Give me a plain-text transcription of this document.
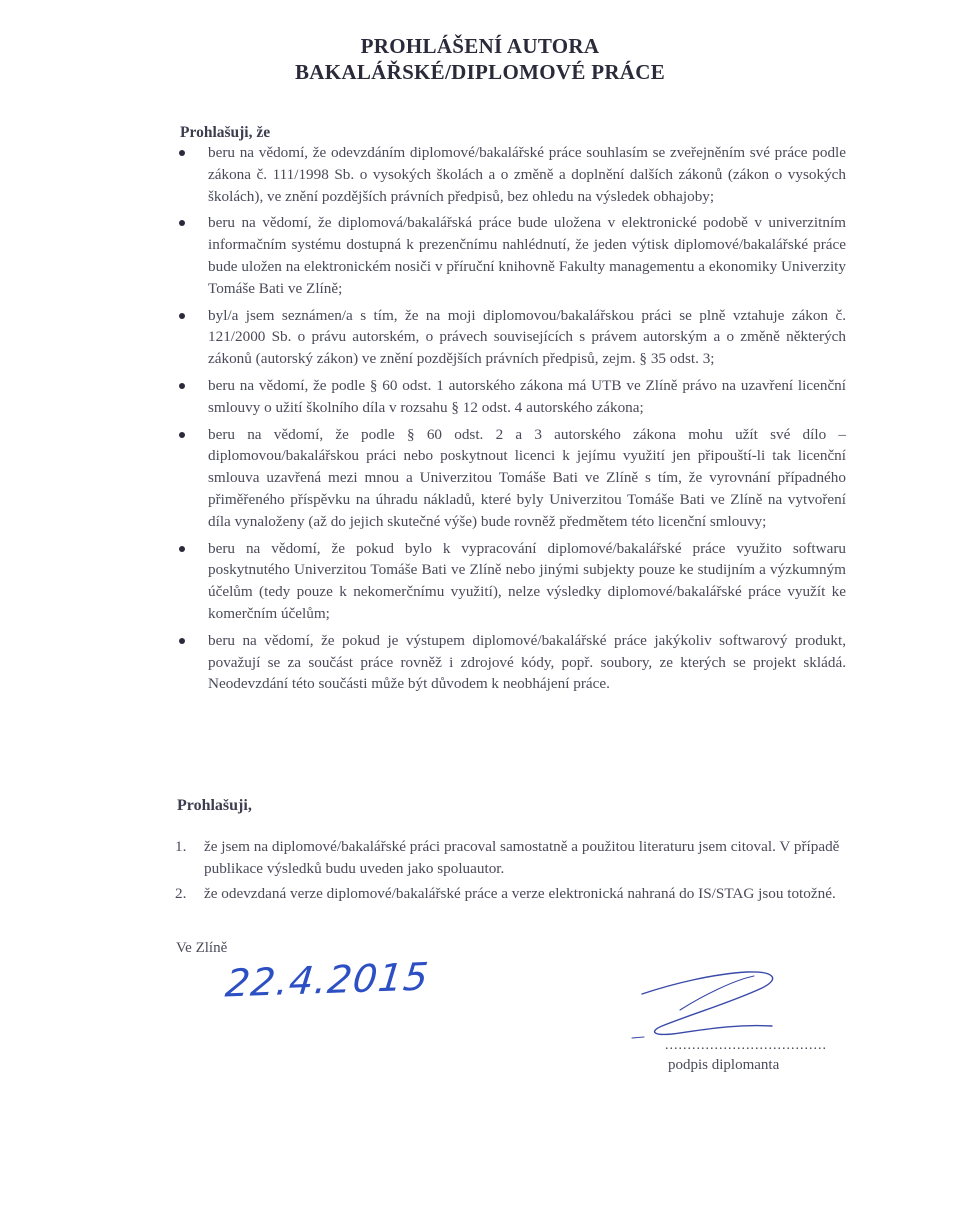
PROHLÁŠENÍ AUTORA
BAKALÁŘSKÉ/DIPLOMOVÉ PRÁCE
Prohlašuji, že
beru na vědomí, že odevzdáním diplomové/bakalářské práce souhlasím se zveřejněním své práce podle zákona č. 111/1998 Sb. o vysokých školách a o změně a doplnění dalších zákonů (zákon o vysokých školách), ve znění pozdějších právních předpisů, bez ohledu na výsledek obhajoby;
beru na vědomí, že diplomová/bakalářská práce bude uložena v elektronické podobě v univerzitním informačním systému dostupná k prezenčnímu nahlédnutí, že jeden výtisk diplomové/bakalářské práce bude uložen na elektronickém nosiči v příruční knihovně Fakulty managementu a ekonomiky Univerzity Tomáše Bati ve Zlíně;
byl/a jsem seznámen/a s tím, že na moji diplomovou/bakalářskou práci se plně vztahuje zákon č. 121/2000 Sb. o právu autorském, o právech souvisejících s právem autorským a o změně některých zákonů (autorský zákon) ve znění pozdějších právních předpisů, zejm. § 35 odst. 3;
beru na vědomí, že podle § 60 odst. 1 autorského zákona má UTB ve Zlíně právo na uzavření licenční smlouvy o užití školního díla v rozsahu § 12 odst. 4 autorského zákona;
beru na vědomí, že podle § 60 odst. 2 a 3 autorského zákona mohu užít své dílo – diplomovou/bakalářskou práci nebo poskytnout licenci k jejímu využití jen připouští-li tak licenční smlouva uzavřená mezi mnou a Univerzitou Tomáše Bati ve Zlíně s tím, že vyrovnání případného přiměřeného příspěvku na úhradu nákladů, které byly Univerzitou Tomáše Bati ve Zlíně na vytvoření díla vynaloženy (až do jejich skutečné výše) bude rovněž předmětem této licenční smlouvy;
beru na vědomí, že pokud bylo k vypracování diplomové/bakalářské práce využito softwaru poskytnutého Univerzitou Tomáše Bati ve Zlíně nebo jinými subjekty pouze ke studijním a výzkumným účelům (tedy pouze k nekomerčnímu využití), nelze výsledky diplomové/bakalářské práce využít ke komerčním účelům;
beru na vědomí, že pokud je výstupem diplomové/bakalářské práce jakýkoliv softwarový produkt, považují se za součást práce rovněž i zdrojové kódy, popř. soubory, ze kterých se projekt skládá. Neodevzdání této součásti může být důvodem k neobhájení práce.
Prohlašuji,
1. že jsem na diplomové/bakalářské práci pracoval samostatně a použitou literaturu jsem citoval. V případě publikace výsledků budu uveden jako spoluautor.
2. že odevzdaná verze diplomové/bakalářské práce a verze elektronická nahraná do IS/STAG jsou totožné.
Ve Zlíně
22.4.2015
....................................
podpis diplomanta
